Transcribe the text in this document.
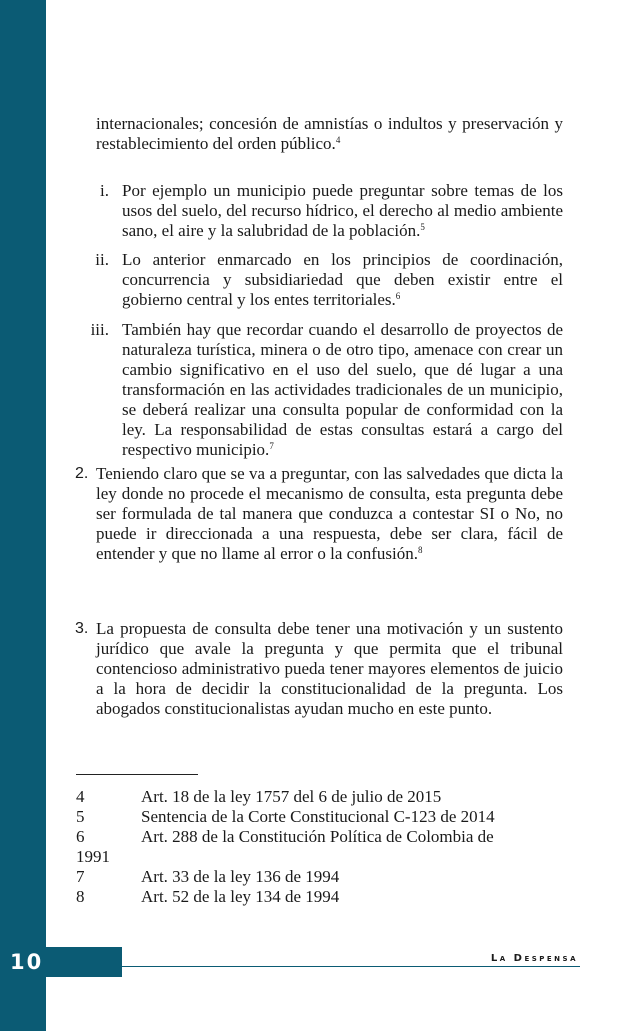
internacionales; concesión de amnistías o indultos y preservación y restablecimiento del orden público.$^4$
i. Por ejemplo un municipio puede preguntar sobre temas de los usos del suelo, del recurso hídrico, el derecho al medio ambiente sano, el aire y la salubridad de la población.$^5$
ii. Lo anterior enmarcado en los principios de coordinación, concurrencia y subsidiariedad que deben existir entre el gobierno central y los entes territoriales.$^6$
iii. También hay que recordar cuando el desarrollo de proyectos de naturaleza turística, minera o de otro tipo, amenace con crear un cambio significativo en el uso del suelo, que dé lugar a una transformación en las actividades tradicionales de un municipio, se deberá realizar una consulta popular de conformidad con la ley. La responsabilidad de estas consultas estará a cargo del respectivo municipio.$^7$
2. Teniendo claro que se va a preguntar, con las salvedades que dicta la ley donde no procede el mecanismo de consulta, esta pregunta debe ser formulada de tal manera que conduzca a contestar SI o No, no puede ir direccionada a una respuesta, debe ser clara, fácil de entender y que no llame al error o la confusión.$^8$
3. La propuesta de consulta debe tener una motivación y un sustento jurídico que avale la pregunta y que permita que el tribunal contencioso administrativo pueda tener mayores elementos de juicio a la hora de decidir la constitucionalidad de la pregunta. Los abogados constitucionalistas ayudan mucho en este punto.
4	Art. 18 de la ley 1757 del 6 de julio de 2015
5	Sentencia de la Corte Constitucional C-123 de 2014
6	Art. 288 de la Constitución Política de Colombia de
1991
7	Art. 33 de la ley 136 de 1994
8	Art. 52 de la ley 134 de 1994
10	La Despensa
